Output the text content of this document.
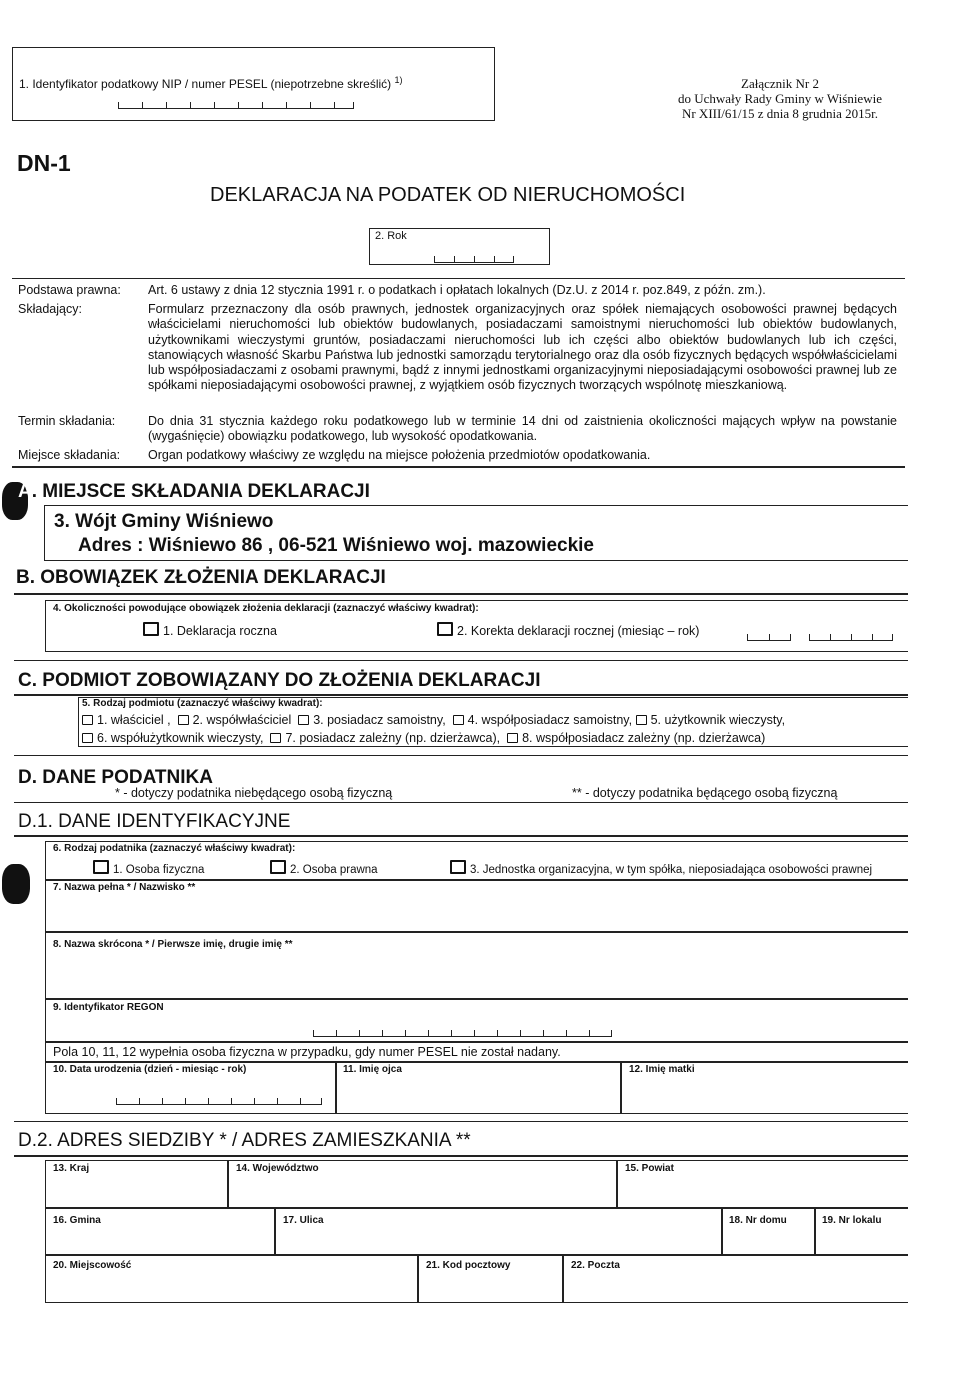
1. Identyfikator podatkowy NIP / numer PESEL (niepotrzebne skreślić) $^{1)}$	Załącznik Nr 2
do Uchwały Rady Gminy w Wiśniewie
Nr XIII/61/15 z dnia 8 grudnia 2015r.
DN-1
DEKLARACJA NA PODATEK OD NIERUCHOMOŚCI
2. Rok
Podstawa prawna: Art. 6 ustawy z dnia 12 stycznia 1991 r. o podatkach i opłatach lokalnych (Dz.U. z 2014 r. poz.849, z późn. zm.).
Składający:	Formularz przeznaczony dla osób prawnych, jednostek organizacyjnych oraz spółek niemających osobowości prawnej będących właścicielami nieruchomości lub obiektów budowlanych, posiadaczami samoistnymi nieruchomości lub obiektów budowlanych, użytkownikami wieczystymi gruntów, posiadaczami nieruchomości lub ich części albo obiektów budowlanych lub ich części, stanowiących własność Skarbu Państwa lub jednostki samorządu terytorialnego oraz dla osób fizycznych będących współwłaścicielami lub współposiadaczami z osobami prawnymi, bądź z innymi jednostkami organizacyjnymi nieposiadającymi osobowości prawnej lub ze spółkami nieposiadającymi osobowości prawnej, z wyjątkiem osób fizycznych tworzących wspólnotę mieszkaniową.
Termin składania:	Do dnia 31 stycznia każdego roku podatkowego lub w terminie 14 dni od zaistnienia okoliczności mających wpływ na powstanie (wygaśnięcie) obowiązku podatkowego, lub wysokość opodatkowania.
Miejsce składania: Organ podatkowy właściwy ze względu na miejsce położenia przedmiotów opodatkowania.
A. MIEJSCE SKŁADANIA DEKLARACJI
3. Wójt Gminy Wiśniewo
Adres : Wiśniewo 86 , 06-521 Wiśniewo woj. mazowieckie
B. OBOWIĄZEK ZŁOŻENIA DEKLARACJI
4. Okoliczności powodujące obowiązek złożenia deklaracji (zaznaczyć właściwy kwadrat):
1. Deklaracja roczna	2. Korekta deklaracji rocznej (miesiąc – rok)
C. PODMIOT ZOBOWIĄZANY DO ZŁOŻENIA DEKLARACJI
5. Rodzaj podmiotu (zaznaczyć właściwy kwadrat):
1. właściciel , 2. współwłaściciel 3. posiadacz samoistny, 4. współposiadacz samoistny, 5. użytkownik wieczysty,
6. współużytkownik wieczysty, 7. posiadacz zależny (np. dzierżawca), 8. współposiadacz zależny (np. dzierżawca)
D. DANE PODATNIKA
* - dotyczy podatnika niebędącego osobą fizyczną	** - dotyczy podatnika będącego osobą fizyczną
D.1. DANE IDENTYFIKACYJNE
6. Rodzaj podatnika (zaznaczyć właściwy kwadrat):
1. Osoba fizyczna	2. Osoba prawna	3. Jednostka organizacyjna, w tym spółka, nieposiadająca osobowości prawnej
7. Nazwa pełna * / Nazwisko **
8. Nazwa skrócona * / Pierwsze imię, drugie imię **
9. Identyfikator REGON
Pola 10, 11, 12 wypełnia osoba fizyczna w przypadku, gdy numer PESEL nie został nadany.
10. Data urodzenia (dzień - miesiąc - rok)	11. Imię ojca	12. Imię matki
D.2. ADRES SIEDZIBY * / ADRES ZAMIESZKANIA **
13. Kraj	14. Województwo	15. Powiat
16. Gmina	17. Ulica	18. Nr domu	19. Nr lokalu
20. Miejscowość	21. Kod pocztowy	22. Poczta
